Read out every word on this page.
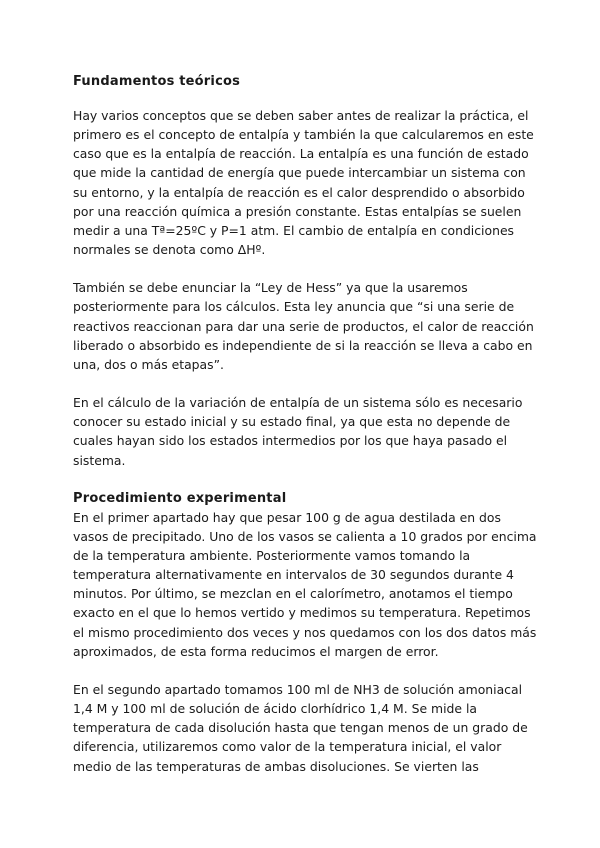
Fundamentos teóricos

Hay varios conceptos que se deben saber antes de realizar la práctica, el
primero es el concepto de entalpía y también la que calcularemos en este
caso que es la entalpía de reacción. La entalpía es una función de estado
que mide la cantidad de energía que puede intercambiar un sistema con
su entorno, y la entalpía de reacción es el calor desprendido o absorbido
por una reacción química a presión constante. Estas entalpías se suelen
medir a una Tª=25ºC y P=1 atm. El cambio de entalpía en condiciones
normales se denota como ΔHº.

También se debe enunciar la “Ley de Hess” ya que la usaremos
posteriormente para los cálculos. Esta ley anuncia que “si una serie de
reactivos reaccionan para dar una serie de productos, el calor de reacción
liberado o absorbido es independiente de si la reacción se lleva a cabo en
una, dos o más etapas”.

En el cálculo de la variación de entalpía de un sistema sólo es necesario
conocer su estado inicial y su estado final, ya que esta no depende de
cuales hayan sido los estados intermedios por los que haya pasado el
sistema.

Procedimiento experimental

En el primer apartado hay que pesar 100 g de agua destilada en dos
vasos de precipitado. Uno de los vasos se calienta a 10 grados por encima
de la temperatura ambiente. Posteriormente vamos tomando la
temperatura alternativamente en intervalos de 30 segundos durante 4
minutos. Por último, se mezclan en el calorímetro, anotamos el tiempo
exacto en el que lo hemos vertido y medimos su temperatura. Repetimos
el mismo procedimiento dos veces y nos quedamos con los dos datos más
aproximados, de esta forma reducimos el margen de error.

En el segundo apartado tomamos 100 ml de NH3 de solución amoniacal
1,4 M y 100 ml de solución de ácido clorhídrico 1,4 M. Se mide la
temperatura de cada disolución hasta que tengan menos de un grado de
diferencia, utilizaremos como valor de la temperatura inicial, el valor
medio de las temperaturas de ambas disoluciones. Se vierten las
